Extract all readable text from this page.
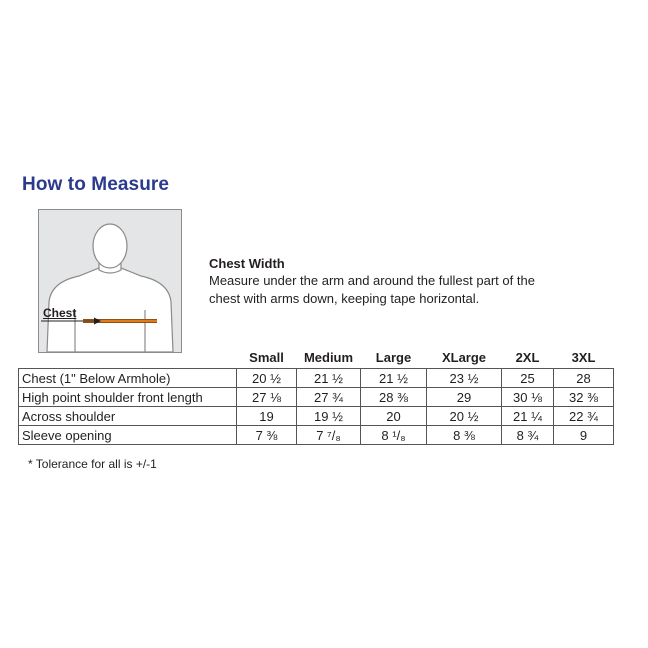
How to Measure
Chest
Chest Width
Measure under the arm and around the fullest part of the chest with arms down, keeping tape horizontal.
	Small	Medium	Large	XLarge	2XL	3XL
Chest (1" Below Armhole)	20 ½	21 ½	21 ½	23 ½	25	28
High point shoulder front length	27 ⅛	27 ¾	28 ⅜	29	30 ⅛	32 ⅜
Across shoulder	19	19 ½	20	20 ½	21 ¼	22 ¾
Sleeve opening	7 ⅜	7 ⁷/₈	8 ¹/₈	8 ⅜	8 ¾	9
* Tolerance for all is +/-1
